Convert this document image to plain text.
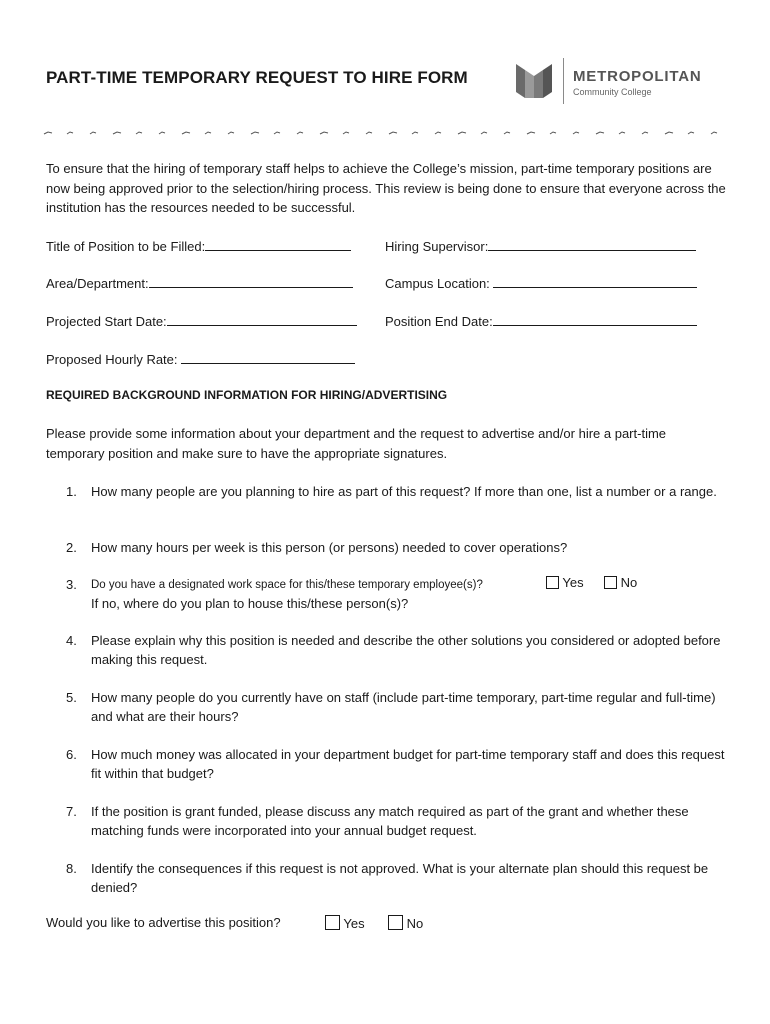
PART-TIME TEMPORARY REQUEST TO HIRE FORM	METROPOLITAN
Community College
To ensure that the hiring of temporary staff helps to achieve the College’s mission, part-time temporary positions are now being approved prior to the selection/hiring process. This review is being done to ensure that everyone across the institution has the resources needed to be successful.
Title of Position to be Filled:	Hiring Supervisor:
Area/Department:	Campus Location:
Projected Start Date:	Position End Date:
Proposed Hourly Rate:
REQUIRED BACKGROUND INFORMATION FOR HIRING/ADVERTISING
Please provide some information about your department and the request to advertise and/or hire a part-time temporary position and make sure to have the appropriate signatures.
1. How many people are you planning to hire as part of this request? If more than one, list a number or a range.
2. How many hours per week is this person (or persons) needed to cover operations?
3. Do you have a designated work space for this/these temporary employee(s)?
If no, where do you plan to house this/these person(s)?
Yes	No
4. Please explain why this position is needed and describe the other solutions you considered or adopted before making this request.
5. How many people do you currently have on staff (include part-time temporary, part-time regular and full-time) and what are their hours?
6. How much money was allocated in your department budget for part-time temporary staff and does this request fit within that budget?
7. If the position is grant funded, please discuss any match required as part of the grant and whether these matching funds were incorporated into your annual budget request.
8. Identify the consequences if this request is not approved. What is your alternate plan should this request be denied?
Would you like to advertise this position?	Yes	No
